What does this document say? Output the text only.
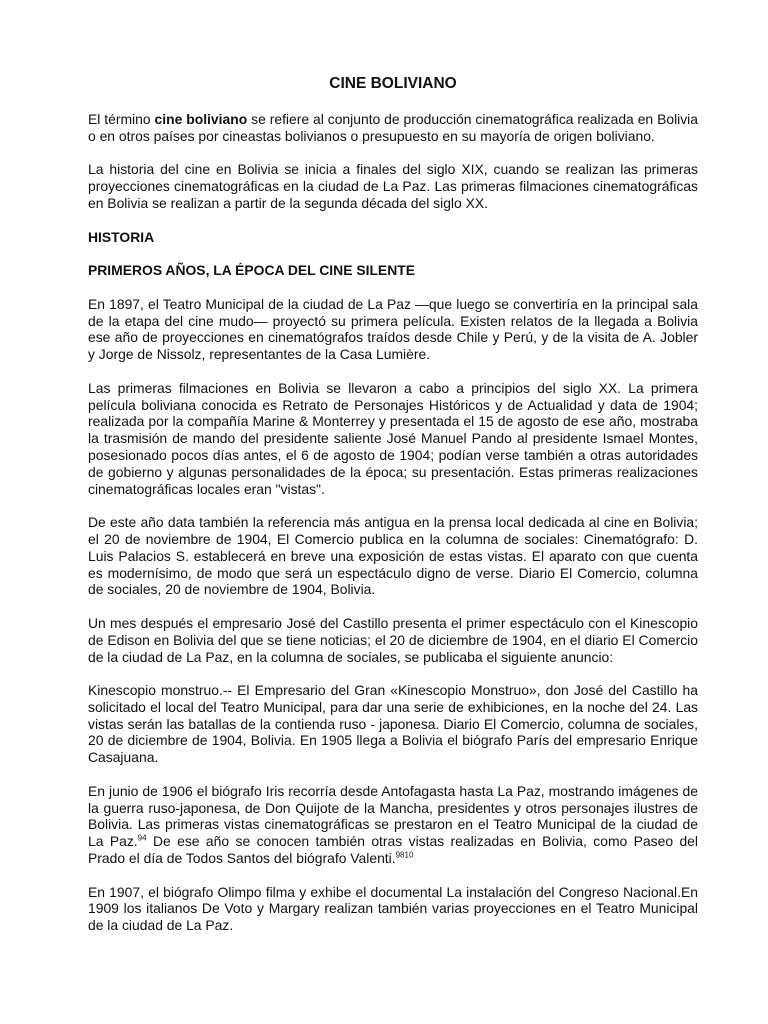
CINE BOLIVIANO
El término cine boliviano se refiere al conjunto de producción cinematográfica realizada en Bolivia o en otros países por cineastas bolivianos o presupuesto en su mayoría de origen boliviano.
La historia del cine en Bolivia se inicia a finales del siglo XIX, cuando se realizan las primeras proyecciones cinematográficas en la ciudad de La Paz. Las primeras filmaciones cinematográficas en Bolivia se realizan a partir de la segunda década del siglo XX.
HISTORIA
PRIMEROS AÑOS, LA ÉPOCA DEL CINE SILENTE
En 1897, el Teatro Municipal de la ciudad de La Paz —que luego se convertiría en la principal sala de la etapa del cine mudo— proyectó su primera película. Existen relatos de la llegada a Bolivia ese año de proyecciones en cinematógrafos traídos desde Chile y Perú, y de la visita de A. Jobler y Jorge de Nissolz, representantes de la Casa Lumière.
Las primeras filmaciones en Bolivia se llevaron a cabo a principios del siglo XX. La primera película boliviana conocida es Retrato de Personajes Históricos y de Actualidad y data de 1904; realizada por la compañía Marine & Monterrey y presentada el 15 de agosto de ese año, mostraba la trasmisión de mando del presidente saliente José Manuel Pando al presidente Ismael Montes, posesionado pocos días antes, el 6 de agosto de 1904; podían verse también a otras autoridades de gobierno y algunas personalidades de la época; su presentación. Estas primeras realizaciones cinematográficas locales eran "vistas".
De este año data también la referencia más antigua en la prensa local dedicada al cine en Bolivia; el 20 de noviembre de 1904, El Comercio publica en la columna de sociales: Cinematógrafo: D. Luis Palacios S. establecerá en breve una exposición de estas vistas. El aparato con que cuenta es modernísimo, de modo que será un espectáculo digno de verse. Diario El Comercio, columna de sociales, 20 de noviembre de 1904, Bolivia.
Un mes después el empresario José del Castillo presenta el primer espectáculo con el Kinescopio de Edison en Bolivia del que se tiene noticias; el 20 de diciembre de 1904, en el diario El Comercio de la ciudad de La Paz, en la columna de sociales, se publicaba el siguiente anuncio:
Kinescopio monstruo.-- El Empresario del Gran «Kinescopio Monstruo», don José del Castillo ha solicitado el local del Teatro Municipal, para dar una serie de exhibiciones, en la noche del 24. Las vistas serán las batallas de la contienda ruso - japonesa. Diario El Comercio, columna de sociales, 20 de diciembre de 1904, Bolivia. En 1905 llega a Bolivia el biógrafo París del empresario Enrique Casajuana.
En junio de 1906 el biógrafo Iris recorría desde Antofagasta hasta La Paz, mostrando imágenes de la guerra ruso-japonesa, de Don Quijote de la Mancha, presidentes y otros personajes ilustres de Bolivia. Las primeras vistas cinematográficas se prestaron en el Teatro Municipal de la ciudad de La Paz.$^{94}$ De ese año se conocen también otras vistas realizadas en Bolivia, como Paseo del Prado el día de Todos Santos del biógrafo Valenti.$^{9810}$
En 1907, el biógrafo Olimpo filma y exhibe el documental La instalación del Congreso Nacional.En 1909 los italianos De Voto y Margary realizan también varias proyecciones en el Teatro Municipal de la ciudad de La Paz.
